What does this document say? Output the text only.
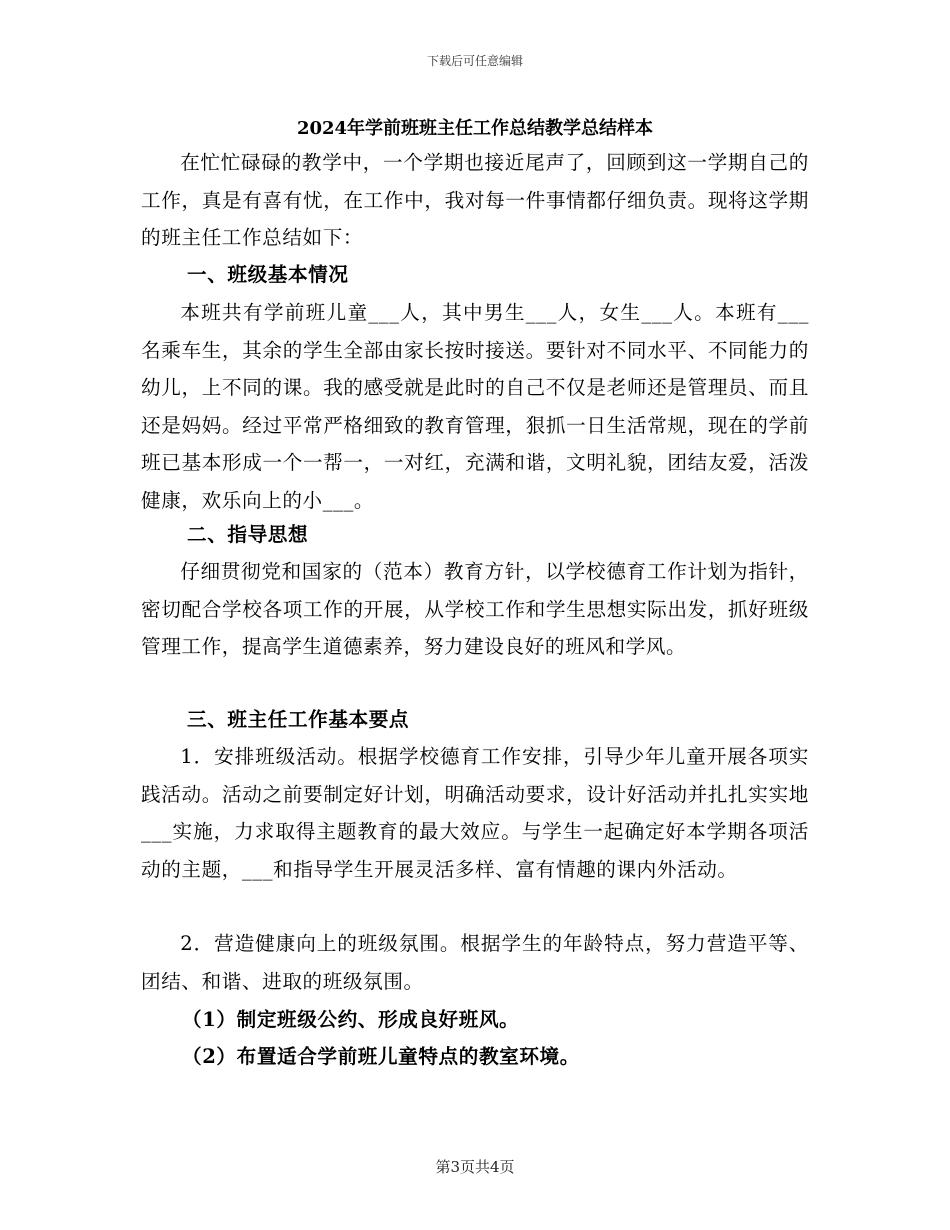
下载后可任意编辑
2024年学前班班主任工作总结教学总结样本

在忙忙碌碌的教学中，一个学期也接近尾声了，回顾到这一学期自己的工作，真是有喜有忧，在工作中，我对每一件事情都仔细负责。现将这学期的班主任工作总结如下：

一、班级基本情况

本班共有学前班儿童___人，其中男生___人，女生___人。本班有___名乘车生，其余的学生全部由家长按时接送。要针对不同水平、不同能力的幼儿，上不同的课。我的感受就是此时的自己不仅是老师还是管理员、而且还是妈妈。经过平常严格细致的教育管理，狠抓一日生活常规，现在的学前班已基本形成一个一帮一，一对红，充满和谐，文明礼貌，团结友爱，活泼健康，欢乐向上的小___。

二、指导思想

仔细贯彻党和国家的（范本）教育方针，以学校德育工作计划为指针，密切配合学校各项工作的开展，从学校工作和学生思想实际出发，抓好班级管理工作，提高学生道德素养，努力建设良好的班风和学风。

三、班主任工作基本要点

1．安排班级活动。根据学校德育工作安排，引导少年儿童开展各项实践活动。活动之前要制定好计划，明确活动要求，设计好活动并扎扎实实地___实施，力求取得主题教育的最大效应。与学生一起确定好本学期各项活动的主题，___和指导学生开展灵活多样、富有情趣的课内外活动。

2．营造健康向上的班级氛围。根据学生的年龄特点，努力营造平等、团结、和谐、进取的班级氛围。

（1）制定班级公约、形成良好班风。
（2）布置适合学前班儿童特点的教室环境。
第3页共4页
